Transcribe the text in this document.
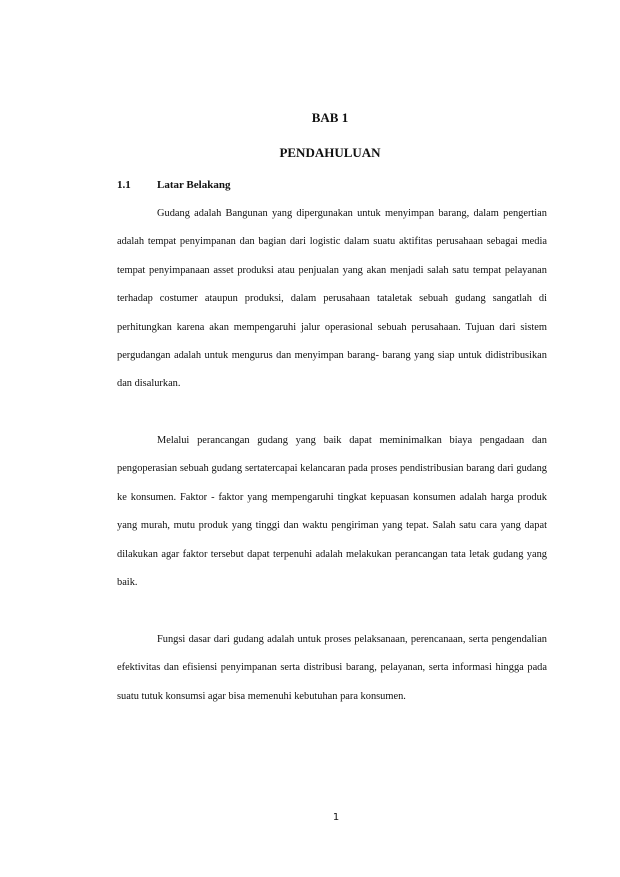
BAB 1
PENDAHULUAN
1.1 Latar Belakang

Gudang adalah Bangunan yang dipergunakan untuk menyimpan barang, dalam pengertian adalah tempat penyimpanan dan bagian dari logistic dalam suatu aktifitas perusahaan sebagai media tempat penyimpanaan asset produksi atau penjualan yang akan menjadi salah satu tempat pelayanan terhadap costumer ataupun produksi, dalam perusahaan tataletak sebuah gudang sangatlah di perhitungkan karena akan mempengaruhi jalur operasional sebuah perusahaan. Tujuan dari sistem pergudangan adalah untuk mengurus dan menyimpan barang- barang yang siap untuk didistribusikan dan disalurkan.

Melalui perancangan gudang yang baik dapat meminimalkan biaya pengadaan dan pengoperasian sebuah gudang sertatercapai kelancaran pada proses pendistribusian barang dari gudang ke konsumen. Faktor - faktor yang mempengaruhi tingkat kepuasan konsumen adalah harga produk yang murah, mutu produk yang tinggi dan waktu pengiriman yang tepat. Salah satu cara yang dapat dilakukan agar faktor tersebut dapat terpenuhi adalah melakukan perancangan tata letak gudang yang baik.

Fungsi dasar dari gudang adalah untuk proses pelaksanaan, perencanaan, serta pengendalian efektivitas dan efisiensi penyimpanan serta distribusi barang, pelayanan, serta informasi hingga pada suatu tutuk konsumsi agar bisa memenuhi kebutuhan para konsumen.

1
